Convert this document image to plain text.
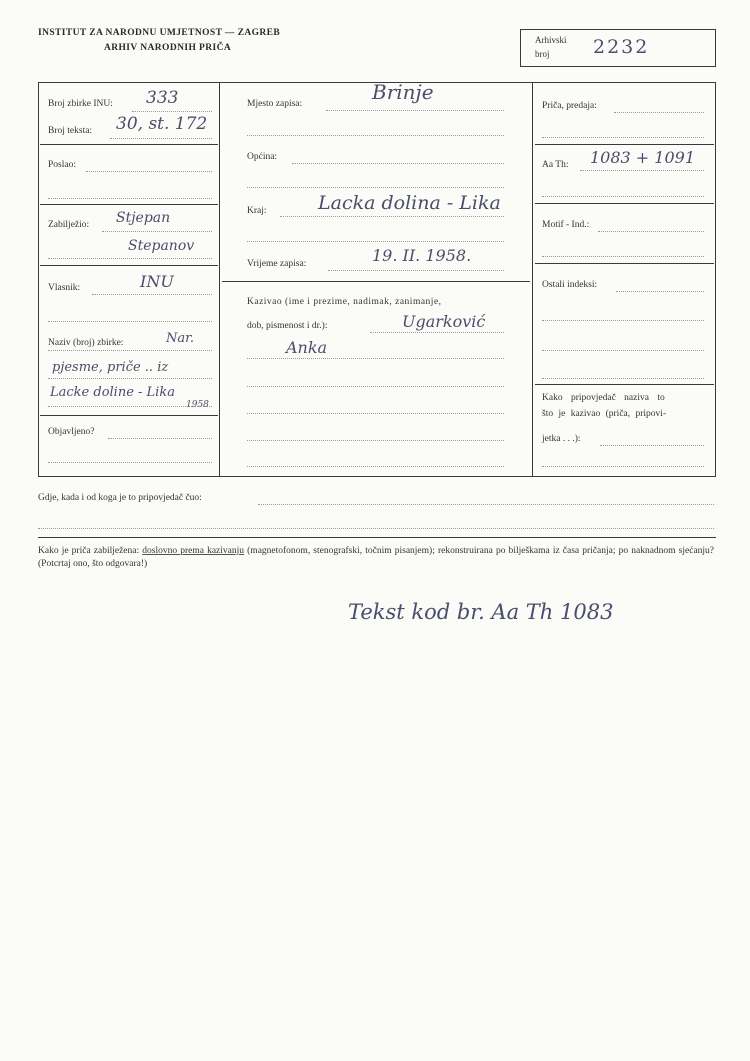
INSTITUT ZA NARODNU UMJETNOST — ZAGREB
ARHIV NARODNIH PRIČA
Arhivski
broj 2232
Broj zbirke INU: 333
Broj teksta: 30, st. 172
Poslao:
Zabilježio: Stjepan
Stepanov
Vlasnik:	INU
Naziv (broj) zbirke:	Nar.
pjesme, priče .. iz
Lacke doline - Lika
1958
Objavljeno?
Mjesto zapisa:	Brinje
Općina:
Kraj:	Lacka dolina - Lika
Vrijeme zapisa:	19. II. 1958.
Kazivao (ime i prezime, nadimak, zanimanje,
dob, pismenost i dr.):	Ugarković
Anka
Priča, predaja:
Aa Th: 1083 + 1091
Motif - Ind.:
Ostali indeksi:
Kako pripovjedač naziva to
što je kazivao (priča, pripovi-
jetka . . .):
Gdje, kada i od koga je to pripovjedač čuo:
Kako je priča zabilježena: doslovno prema kazivanju (magnetofonom, stenografski, točnim pisanjem); rekonstruirana po bilješkama iz časa pričanja; po naknadnom sjećanju? (Potcrtaj ono, što odgovara!)
Tekst kod br. Aa Th 1083
